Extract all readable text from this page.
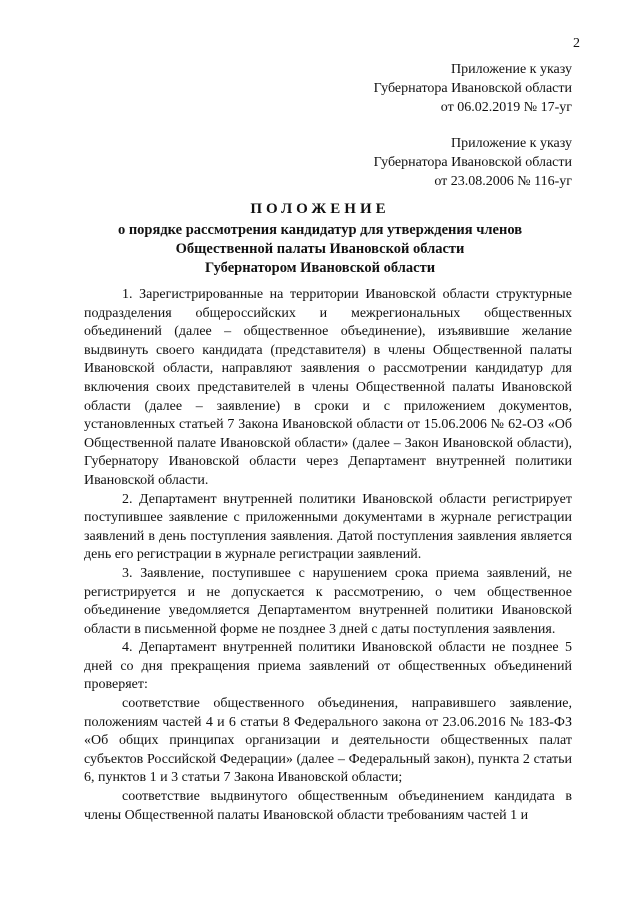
2
Приложение к указу
Губернатора Ивановской области
от 06.02.2019 № 17-уг
Приложение к указу
Губернатора Ивановской области
от 23.08.2006 № 116-уг
ПОЛОЖЕНИЕ
о порядке рассмотрения кандидатур для утверждения членов
Общественной палаты Ивановской области
Губернатором Ивановской области

1. Зарегистрированные на территории Ивановской области структурные подразделения общероссийских и межрегиональных общественных объединений (далее – общественное объединение), изъявившие желание выдвинуть своего кандидата (представителя) в члены Общественной палаты Ивановской области, направляют заявления о рассмотрении кандидатур для включения своих представителей в члены Общественной палаты Ивановской области (далее – заявление) в сроки и с приложением документов, установленных статьей 7 Закона Ивановской области от 15.06.2006 № 62-ОЗ «Об Общественной палате Ивановской области» (далее – Закон Ивановской области), Губернатору Ивановской области через Департамент внутренней политики Ивановской области.

2. Департамент внутренней политики Ивановской области регистрирует поступившее заявление с приложенными документами в журнале регистрации заявлений в день поступления заявления. Датой поступления заявления является день его регистрации в журнале регистрации заявлений.

3. Заявление, поступившее с нарушением срока приема заявлений, не регистрируется и не допускается к рассмотрению, о чем общественное объединение уведомляется Департаментом внутренней политики Ивановской области в письменной форме не позднее 3 дней с даты поступления заявления.

4. Департамент внутренней политики Ивановской области не позднее 5 дней со дня прекращения приема заявлений от общественных объединений проверяет:

соответствие общественного объединения, направившего заявление, положениям частей 4 и 6 статьи 8 Федерального закона от 23.06.2016 № 183-ФЗ «Об общих принципах организации и деятельности общественных палат субъектов Российской Федерации» (далее – Федеральный закон), пункта 2 статьи 6, пунктов 1 и 3 статьи 7 Закона Ивановской области;

соответствие выдвинутого общественным объединением кандидата в члены Общественной палаты Ивановской области требованиям частей 1 и
